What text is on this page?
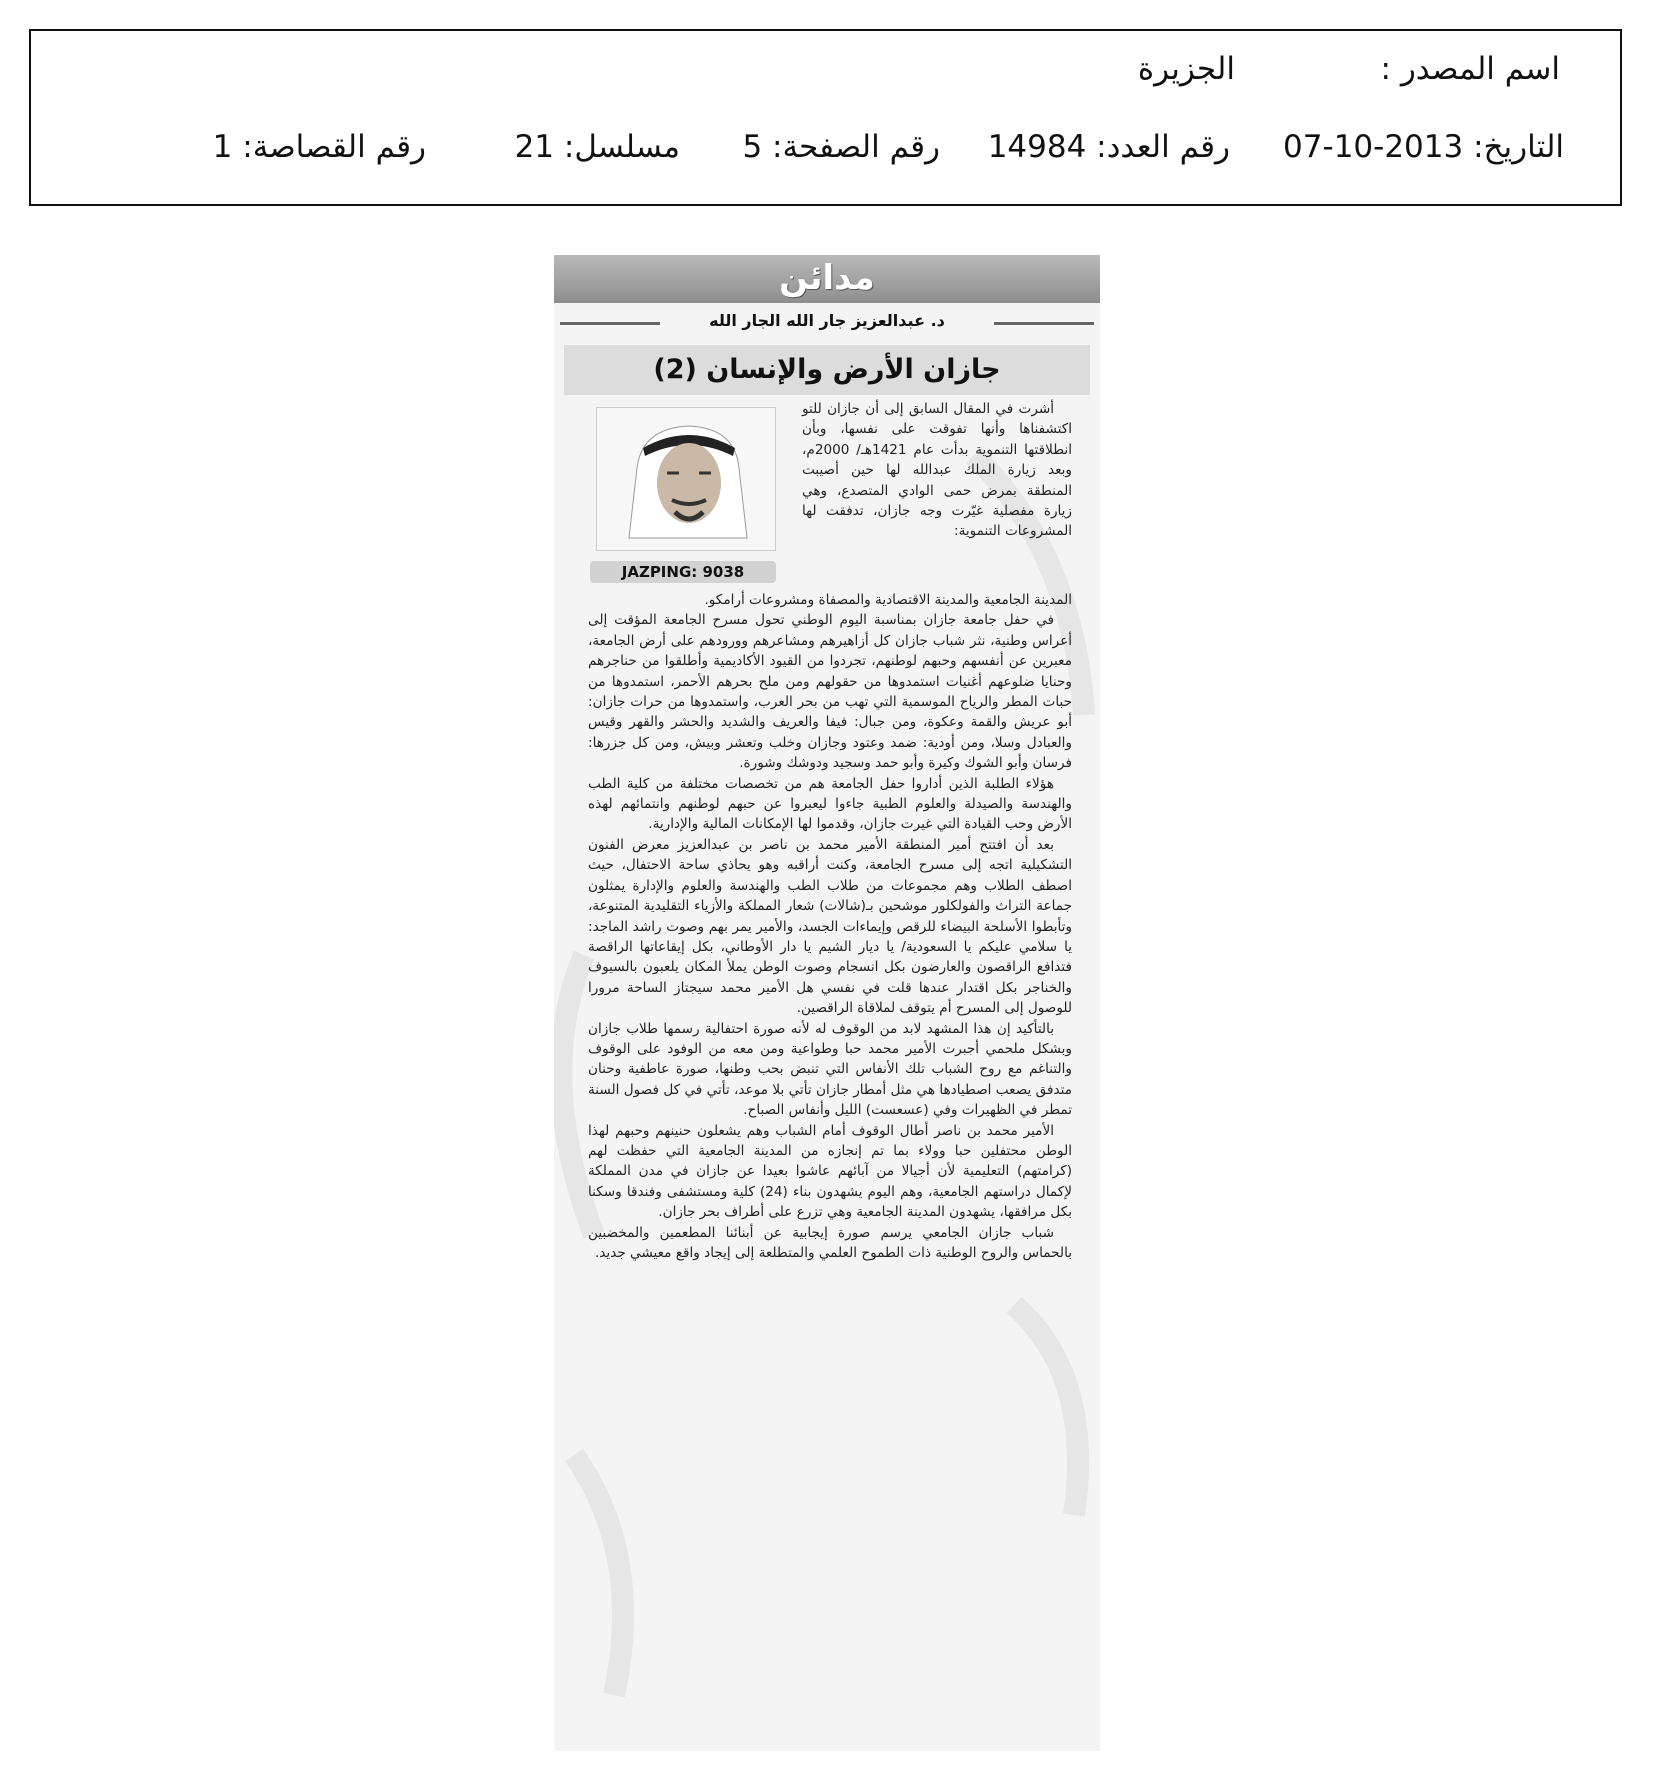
اسم المصدر :
الجزيرة
التاريخ: 2013-10-07
رقم العدد: 14984
رقم الصفحة: 5
مسلسل: 21
رقم القصاصة: 1
مدائن
د. عبدالعزيز جار الله الجار الله
جازان الأرض والإنسان (2)
JAZPING: 9038

أشرت في المقال السابق إلى أن جازان للتو اكتشفناها وأنها تفوقت على نفسها، وبأن انطلاقتها التنموية بدأت عام 1421هـ/ 2000م، وبعد زيارة الملك عبدالله لها حين أصيبت المنطقة بمرض حمى الوادي المتصدع، وهي زيارة مفصلية غيّرت وجه جازان، تدفقت لها المشروعات التنموية:

المدينة الجامعية والمدينة الاقتصادية والمصفاة ومشروعات أرامكو.

في حفل جامعة جازان بمناسبة اليوم الوطني تحول مسرح الجامعة المؤقت إلى أعراس وطنية، نثر شباب جازان كل أزاهيرهم ومشاعرهم وورودهم على أرض الجامعة، معبرين عن أنفسهم وحبهم لوطنهم، تجردوا من القيود الأكاديمية وأطلقوا من حناجرهم وحنايا ضلوعهم أغنيات استمدوها من حقولهم ومن ملح بحرهم الأحمر، استمدوها من حبات المطر والرياح الموسمية التي تهب من بحر العرب، واستمدوها من حرات جازان: أبو عريش والقمة وعكوة، ومن جبال: فيفا والعريف والشديد والحشر والقهر وقيس والعبادل وسلا، ومن أودية: ضمد وعتود وجازان وخلب وتعشر وبيش، ومن كل جزرها: فرسان وأبو الشوك وكيرة وأبو حمد وسجيد ودوشك وشورة.

هؤلاء الطلبة الذين أداروا حفل الجامعة هم من تخصصات مختلفة من كلية الطب والهندسة والصيدلة والعلوم الطبية جاءوا ليعبروا عن حبهم لوطنهم وانتمائهم لهذه الأرض وحب القيادة التي غيرت جازان، وقدموا لها الإمكانات المالية والإدارية.

بعد أن افتتح أمير المنطقة الأمير محمد بن ناصر بن عبدالعزيز معرض الفنون التشكيلية اتجه إلى مسرح الجامعة، وكنت أراقبه وهو يحاذي ساحة الاحتفال، حيث اصطف الطلاب وهم مجموعات من طلاب الطب والهندسة والعلوم والإدارة يمثلون جماعة التراث والفولكلور موشحين بـ(شالات) شعار المملكة والأزياء التقليدية المتنوعة، وتأبطوا الأسلحة البيضاء للرقص وإيماءات الجسد، والأمير يمر بهم وصوت راشد الماجد: يا سلامي عليكم يا السعودية/ يا ديار الشيم يا دار الأوطاني، بكل إيقاعاتها الراقصة فتدافع الراقصون والعارضون بكل انسجام وصوت الوطن يملأ المكان يلعبون بالسيوف والخناجر بكل اقتدار عندها قلت في نفسي هل الأمير محمد سيجتاز الساحة مرورا للوصول إلى المسرح أم يتوقف لملاقاة الراقصين.

بالتأكيد إن هذا المشهد لابد من الوقوف له لأنه صورة احتفالية رسمها طلاب جازان وبشكل ملحمي أجبرت الأمير محمد حبا وطواعية ومن معه من الوفود على الوقوف والتناغم مع روح الشباب تلك الأنفاس التي تنبض بحب وطنها، صورة عاطفية وحنان متدفق يصعب اصطيادها هي مثل أمطار جازان تأتي بلا موعد، تأتي في كل فصول السنة تمطر في الظهيرات وفي (عسعست) الليل وأنفاس الصباح.

الأمير محمد بن ناصر أطال الوقوف أمام الشباب وهم يشعلون حنينهم وحبهم لهذا الوطن محتفلين حبا وولاء بما تم إنجازه من المدينة الجامعية التي حفظت لهم (كرامتهم) التعليمية لأن أجيالا من آبائهم عاشوا بعيدا عن جازان في مدن المملكة لإكمال دراستهم الجامعية، وهم اليوم يشهدون بناء (24) كلية ومستشفى وفندقا وسكنا بكل مرافقها، يشهدون المدينة الجامعية وهي تزرع على أطراف بحر جازان.

شباب جازان الجامعي يرسم صورة إيجابية عن أبنائنا المطعمين والمخضبين بالحماس والروح الوطنية ذات الطموح العلمي والمتطلعة إلى إيجاد واقع معيشي جديد.
